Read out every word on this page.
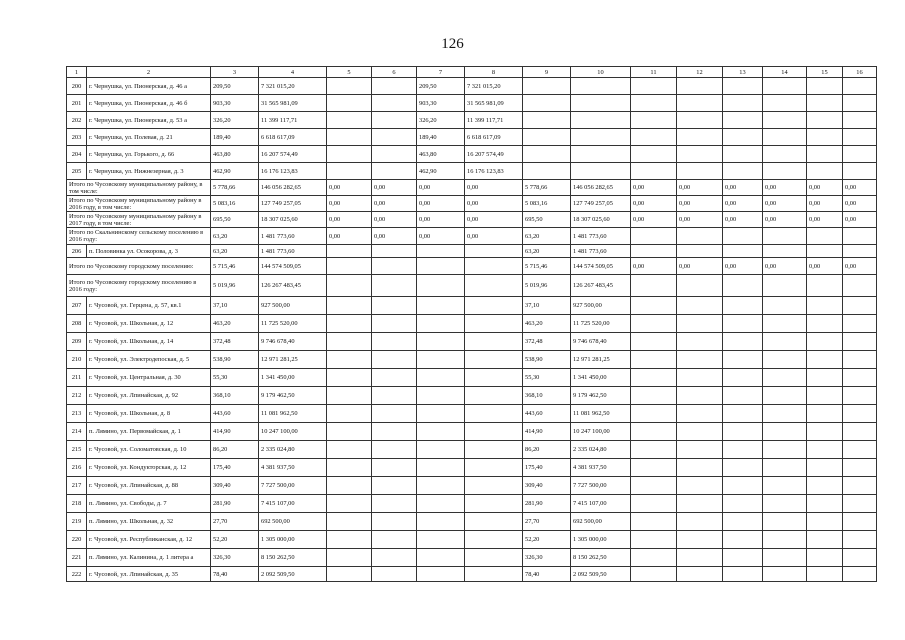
126
1	2	3	4	5	6	7	8	9	10	11	12	13	14	15	16
200	г. Чернушка, ул. Пионерская, д. 46 а	209,50	7 321 015,20			209,50	7 321 015,20								
201	г. Чернушка, ул. Пионерская, д. 46 б	903,30	31 565 981,09			903,30	31 565 981,09								
202	г. Чернушка, ул. Пионерская, д. 53 а	326,20	11 399 117,71			326,20	11 399 117,71								
203	г. Чернушка, ул. Полевая, д. 21	189,40	6 618 617,09			189,40	6 618 617,09								
204	г. Чернушка, ул. Горького, д. 66	463,80	16 207 574,49			463,80	16 207 574,49								
205	г. Чернушка, ул. Нижнезерная, д. 3	462,90	16 176 123,83			462,90	16 176 123,83								
Итого по Чусовскому муниципальному району, в том числе:		5 778,66	146 056 282,65	0,00	0,00	0,00	0,00	5 778,66	146 056 282,65	0,00	0,00	0,00	0,00	0,00	0,00
Итого по Чусовскому муниципальному району в 2016 году, в том числе:		5 083,16	127 749 257,05	0,00	0,00	0,00	0,00	5 083,16	127 749 257,05	0,00	0,00	0,00	0,00	0,00	0,00
Итого по Чусовскому муниципальному району в 2017 году, в том числе:		695,50	18 307 025,60	0,00	0,00	0,00	0,00	695,50	18 307 025,60	0,00	0,00	0,00	0,00	0,00	0,00
Итого по Скальнинскому сельскому поселению в 2016 году:		63,20	1 481 773,60	0,00	0,00	0,00	0,00	63,20	1 481 773,60						
206	п. Половинка ул. Осокорова, д. 3	63,20	1 481 773,60					63,20	1 481 773,60						
Итого по Чусовскому городскому поселению:		5 715,46	144 574 509,05					5 715,46	144 574 509,05	0,00	0,00	0,00	0,00	0,00	0,00
Итого по Чусовскому городскому поселению в 2016 году:		5 019,96	126 267 483,45					5 019,96	126 267 483,45						
207	г. Чусовой, ул. Герцена, д. 57, кв.1	37,10	927 500,00					37,10	927 500,00						
208	г. Чусовой, ул. Школьная, д. 12	463,20	11 725 520,00					463,20	11 725 520,00						
209	г. Чусовой, ул. Школьная, д. 14	372,48	9 746 678,40					372,48	9 746 678,40						
210	г. Чусовой, ул. Электродепоская, д. 5	538,90	12 971 281,25					538,90	12 971 281,25						
211	г. Чусовой, ул. Центральная, д. 30	55,30	1 341 450,00					55,30	1 341 450,00						
212	г. Чусовой, ул. Лпинайская, д. 92	368,10	9 179 462,50					368,10	9 179 462,50						
213	г. Чусовой, ул. Школьная, д. 8	443,60	11 081 962,50					443,60	11 081 962,50						
214	п. Лямино, ул. Первомайская, д. 1	414,90	10 247 100,00					414,90	10 247 100,00						
215	г. Чусовой, ул. Соломатовская, д. 10	86,20	2 335 024,80					86,20	2 335 024,80						
216	г. Чусовой, ул. Кондукторская, д. 12	175,40	4 381 937,50					175,40	4 381 937,50						
217	г. Чусовой, ул. Лпинайская, д. 88	309,40	7 727 500,00					309,40	7 727 500,00						
218	п. Лямино, ул. Свободы, д. 7	281,90	7 415 107,00					281,90	7 415 107,00						
219	п. Лямино, ул. Школьная, д. 32	27,70	692 500,00					27,70	692 500,00						
220	г. Чусовой, ул. Республиканская, д. 12	52,20	1 305 000,00					52,20	1 305 000,00						
221	п. Лямино, ул. Калинина, д. 1 литера а	326,30	8 150 262,50					326,30	8 150 262,50						
222	г. Чусовой, ул. Лпинайская, д. 35	78,40	2 092 509,50					78,40	2 092 509,50						
